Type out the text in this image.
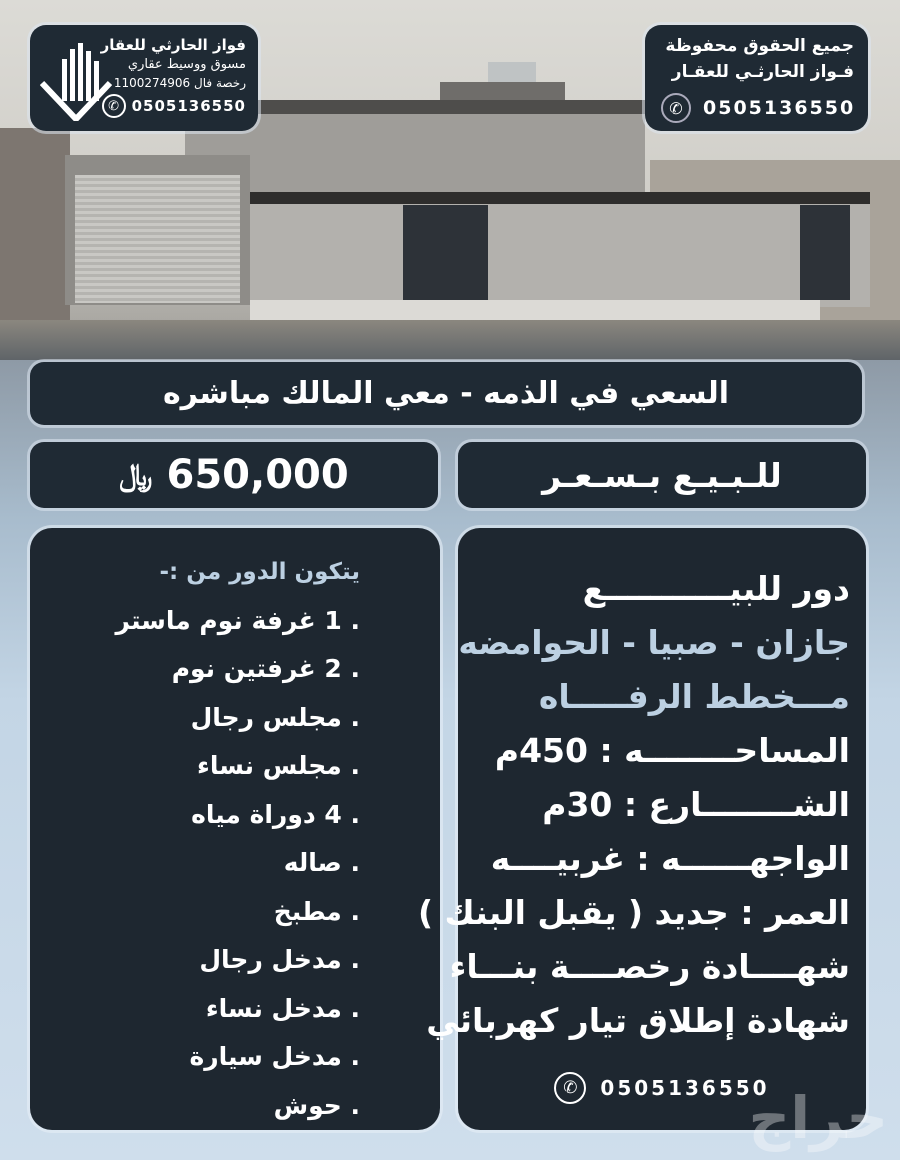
فواز الحارثي للعقار
مسوق ووسيط عقاري
رخصة فال 1100274906
✆ 0505136550
جميع الحقوق محفوظة
فـواز الحارثـي للعقـار
✆	0505136550
السعي في الذمه - معي المالك مباشره
﷼ 650,000	للـبـيـع بـسـعـر
يتكون الدور من :-
. 1 غرفة نوم ماستر
. 2 غرفتين نوم
. مجلس رجال
. مجلس نساء
. 4 دوراة مياه
. صاله
. مطبخ
. مدخل رجال
. مدخل نساء
. مدخل سيارة
. حوش
دور للبيـــــــــــع
جازان - صبيا - الحوامضه
مـــخطط الرفـــــاه
المساحــــــــه : 450م
الشــــــــارع : 30م
الواجهــــــه : غربيــــه
العمر : جديد ( يقبل البنك )
شهــــادة رخصــــة بنـــاء
شهادة إطلاق تيار كهربائي
✆	0505136550
حراج
